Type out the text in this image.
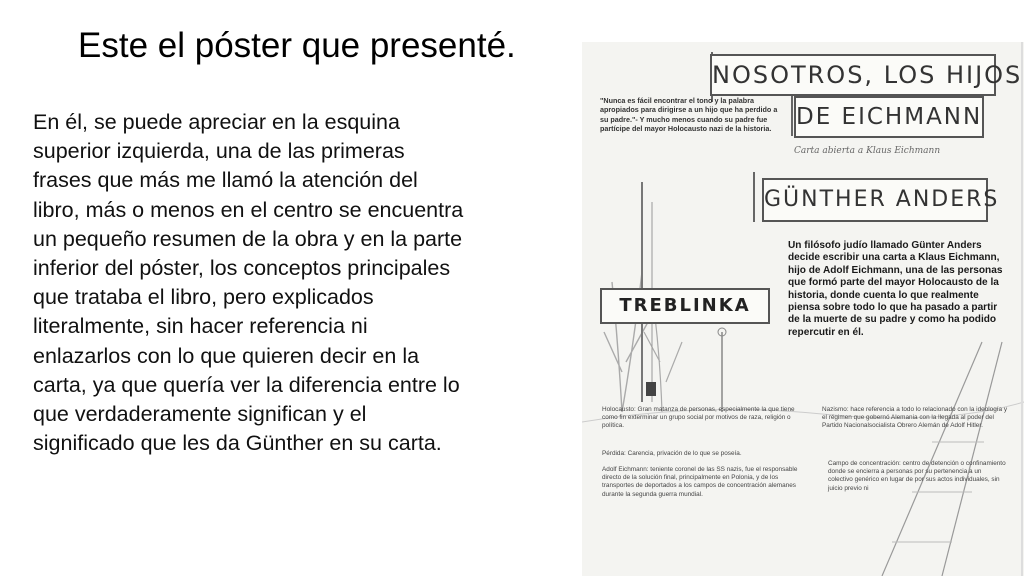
Este el póster que presenté.
En él, se puede apreciar en la esquina
superior izquierda, una de las primeras
frases que más me llamó la atención del
libro, más o menos en el centro se encuentra
un pequeño resumen de la obra y en la parte
inferior del póster, los conceptos principales
que trataba el libro, pero explicados
literalmente, sin hacer referencia ni
enlazarlos con lo que quieren decir en la
carta, ya que quería ver la diferencia entre lo
que verdaderamente significan y el
significado que les da Günther en su carta.
NOSOTROS, LOS HIJOS
DE EICHMANN
Carta abierta a Klaus Eichmann
GÜNTHER ANDERS
TREBLINKA
"Nunca es fácil encontrar el tono y la palabra apropiados para dirigirse a un hijo que ha perdido a su padre."- Y mucho menos cuando su padre fue partícipe del mayor Holocausto nazi de la historia.
Un filósofo judío llamado Günter Anders decide escribir una carta a Klaus Eichmann, hijo de Adolf Eichmann, una de las personas que formó parte del mayor Holocausto de la historia, donde cuenta lo que realmente piensa sobre todo lo que ha pasado a partir de la muerte de su padre y como ha podido repercutir en él.
Holocausto: Gran matanza de personas, especialmente la que tiene como fin exterminar un grupo social por motivos de raza, religión o política.
Pérdida: Carencia, privación de lo que se poseía.
Adolf Eichmann: teniente coronel de las SS nazis, fue el responsable directo de la solución final, principalmente en Polonia, y de los transportes de deportados a los campos de concentración alemanes durante la segunda guerra mundial.
Nazismo: hace referencia a todo lo relacionado con la ideología y el régimen que gobernó Alemania con la llegada al poder del Partido Nacionalsocialista Obrero Alemán de Adolf Hitler.
Campo de concentración: centro de detención o confinamiento donde se encierra a personas por su pertenencia a un colectivo genérico en lugar de por sus actos individuales, sin juicio previo ni
